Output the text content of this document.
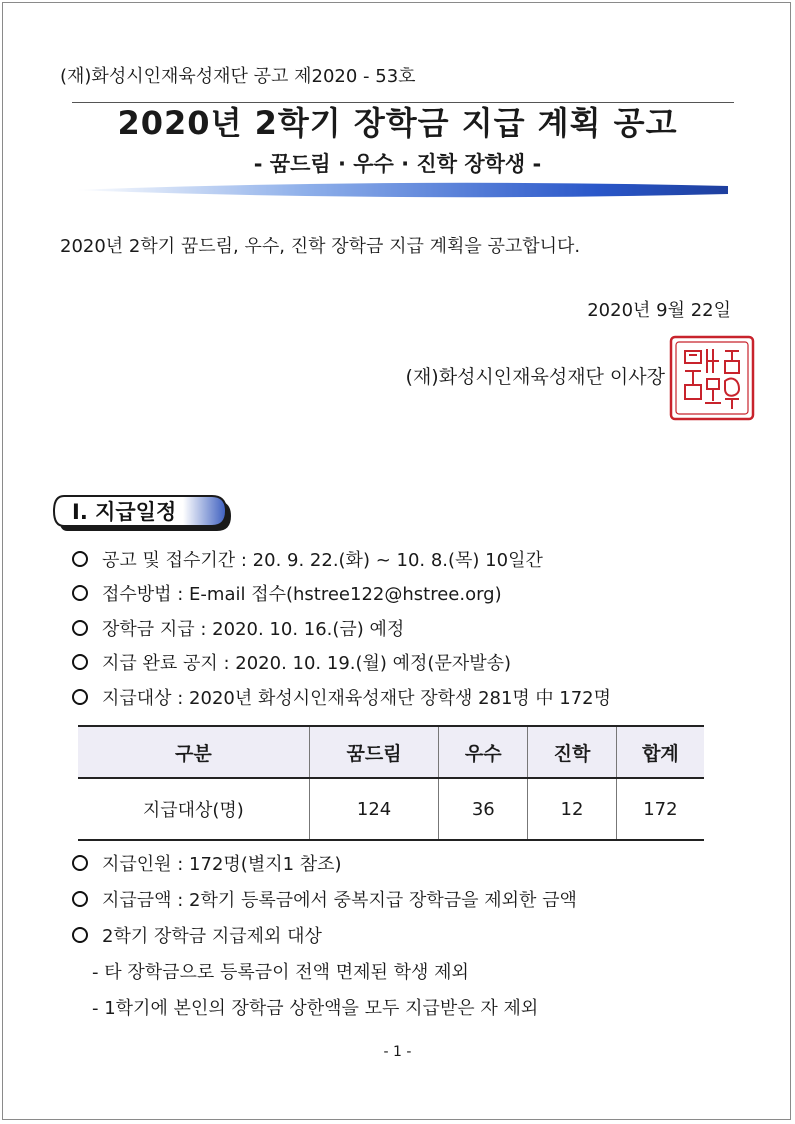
(재)화성시인재육성재단 공고 제2020 - 53호
2020년 2학기 장학금 지급 계획 공고
- 꿈드림 · 우수 · 진학 장학생 -
2020년 2학기 꿈드림, 우수, 진학 장학금 지급 계획을 공고합니다.
2020년 9월 22일
(재)화성시인재육성재단 이사장
Ⅰ. 지급일정
공고 및 접수기간 : 20. 9. 22.(화) ~ 10. 8.(목) 10일간
접수방법 : E-mail 접수(hstree122@hstree.org)
장학금 지급 : 2020. 10. 16.(금) 예정
지급 완료 공지 : 2020. 10. 19.(월) 예정(문자발송)
지급대상 : 2020년 화성시인재육성재단 장학생 281명 中 172명
구분	꿈드림	우수	진학	합계
지급대상(명)	124	36	12	172
지급인원 : 172명(별지1 참조)
지급금액 : 2학기 등록금에서 중복지급 장학금을 제외한 금액
2학기 장학금 지급제외 대상
- 타 장학금으로 등록금이 전액 면제된 학생 제외
- 1학기에 본인의 장학금 상한액을 모두 지급받은 자 제외
- 1 -
